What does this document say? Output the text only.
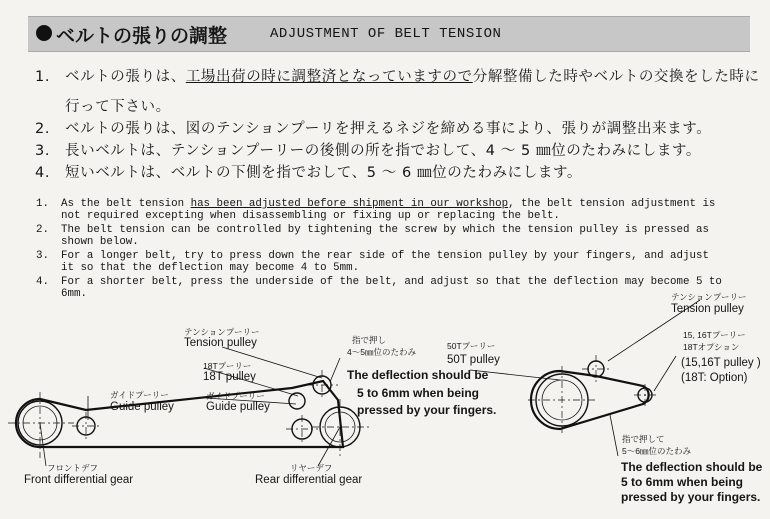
ベルトの張りの調整	ADJUSTMENT OF BELT TENSION
1. ベルトの張りは、工場出荷の時に調整済となっていますので分解整備した時やベルトの交換をした時に
行って下さい。
2. ベルトの張りは、図のテンションプーリを押えるネジを締める事により、張りが調整出来ます。
3. 長いベルトは、テンションプーリーの後側の所を指でおして、4 ～ 5 ㎜位のたわみにします。
4. 短いベルトは、ベルトの下側を指でおして、5 ～ 6 ㎜位のたわみにします。
1. As the belt tension has been adjusted before shipment in our workshop, the belt tension adjustment is
not required excepting when disassembling or fixing up or replacing the belt.
2. The belt tension can be controlled by tightening the screw by which the tension pulley is pressed as
shown below.
3. For a longer belt, try to press down the rear side of the tension pulley by your fingers, and adjust
it so that the deflection may become 4 to 5mm.
4. For a shorter belt, press the underside of the belt, and adjust so that the deflection may become 5 to
6mm.
テンションプーリー
Tension pulley
18Tプーリー
18T pulley
ガイドプーリー
Guide pulley
ガイドプーリー
Guide pulley
指で押し
4～5㎜位のたわみ
The deflection should be
5 to 6mm when being
pressed by your fingers.
フロントデフ
Front differential gear
リヤーデフ
Rear differential gear
テンションプーリー
Tension pulley
50Tプーリー
50T pulley
15, 16Tプーリー
18Tオプション
(15,16T pulley )
(18T: Option)
指で押して
5～6㎜位のたわみ
The deflection should be
5 to 6mm when being
pressed by your fingers.
